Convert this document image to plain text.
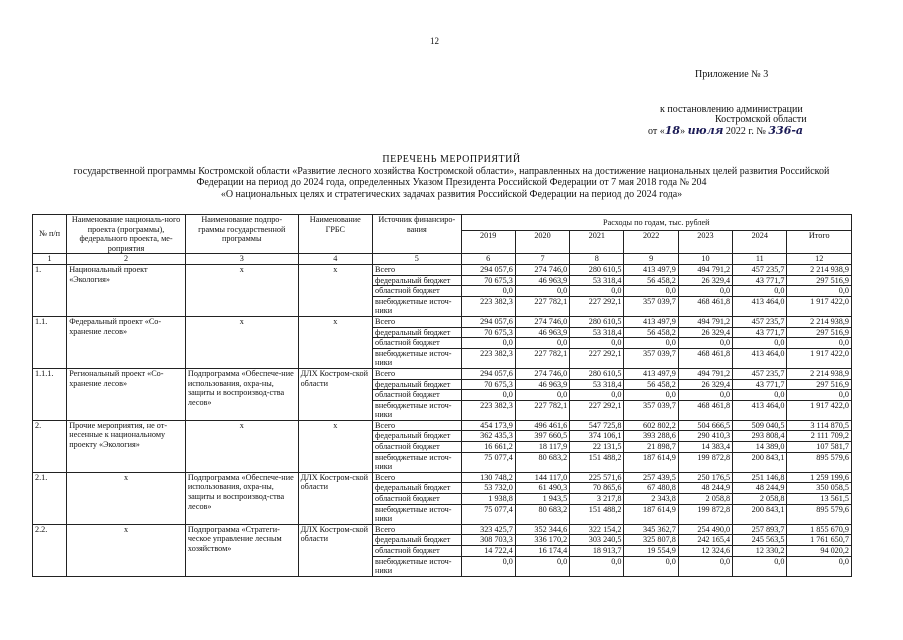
12
Приложение № 3
к постановлению администрации
Костромской области
от «18» июля 2022 г. № 336-а
ПЕРЕЧЕНЬ МЕРОПРИЯТИЙ
государственной программы Костромской области «Развитие лесного хозяйства Костромской области», направленных на достижение национальных целей развития Российской
Федерации на период до 2024 года, определенных Указом Президента Российской Федерации от 7 мая 2018 года № 204
«О национальных целях и стратегических задачах развития Российской Федерации на период до 2024 года»
№ п/п	Наименование националь-ного проекта (программы), федерального проекта, ме-роприятия	Наименование подпро-граммы государственной программы	Наименование ГРБС	Источник финансиро-вания	Расходы по годам, тыс. рублей						
					2019	2020	2021	2022	2023	2024	Итого
1	2	3	4	5	6	7	8	9	10	11	12
1.	Национальный проект «Экология»	х	х	Всего	294 057,6	274 746,0	280 610,5	413 497,9	494 791,2	457 235,7	2 214 938,9
				федеральный бюджет	70 675,3	46 963,9	53 318,4	56 458,2	26 329,4	43 771,7	297 516,9
				областной бюджет	0,0	0,0	0,0	0,0	0,0	0,0	0,0
				внебюджетные источ-ники	223 382,3	227 782,1	227 292,1	357 039,7	468 461,8	413 464,0	1 917 422,0
1.1.	Федеральный проект «Со-хранение лесов»	х	х	Всего	294 057,6	274 746,0	280 610,5	413 497,9	494 791,2	457 235,7	2 214 938,9
				федеральный бюджет	70 675,3	46 963,9	53 318,4	56 458,2	26 329,4	43 771,7	297 516,9
				областной бюджет	0,0	0,0	0,0	0,0	0,0	0,0	0,0
				внебюджетные источ-ники	223 382,3	227 782,1	227 292,1	357 039,7	468 461,8	413 464,0	1 917 422,0
1.1.1.	Региональный проект «Со-хранение лесов»	Подпрограмма «Обеспече-ние использования, охра-ны, защиты и воспроизвод-ства лесов»	ДЛХ Костром-ской области	Всего	294 057,6	274 746,0	280 610,5	413 497,9	494 791,2	457 235,7	2 214 938,9
				федеральный бюджет	70 675,3	46 963,9	53 318,4	56 458,2	26 329,4	43 771,7	297 516,9
				областной бюджет	0,0	0,0	0,0	0,0	0,0	0,0	0,0
				внебюджетные источ-ники	223 382,3	227 782,1	227 292,1	357 039,7	468 461,8	413 464,0	1 917 422,0
2.	Прочие мероприятия, не от-несенные к национальному проекту «Экология»	х	х	Всего	454 173,9	496 461,6	547 725,8	602 802,2	504 666,5	509 040,5	3 114 870,5
				федеральный бюджет	362 435,3	397 660,5	374 106,1	393 288,6	290 410,3	293 808,4	2 111 709,2
				областной бюджет	16 661,2	18 117,9	22 131,5	21 898,7	14 383,4	14 389,0	107 581,7
				внебюджетные источ-ники	75 077,4	80 683,2	151 488,2	187 614,9	199 872,8	200 843,1	895 579,6
2.1.	х	Подпрограмма «Обеспече-ние использования, охра-ны, защиты и воспроизвод-ства лесов»	ДЛХ Костром-ской области	Всего	130 748,2	144 117,0	225 571,6	257 439,5	250 176,5	251 146,8	1 259 199,6
				федеральный бюджет	53 732,0	61 490,3	70 865,6	67 480,8	48 244,9	48 244,9	350 058,5
				областной бюджет	1 938,8	1 943,5	3 217,8	2 343,8	2 058,8	2 058,8	13 561,5
				внебюджетные источ-ники	75 077,4	80 683,2	151 488,2	187 614,9	199 872,8	200 843,1	895 579,6
2.2.	х	Подпрограмма «Стратеги-ческое управление лесным хозяйством»	ДЛХ Костром-ской области	Всего	323 425,7	352 344,6	322 154,2	345 362,7	254 490,0	257 893,7	1 855 670,9
				федеральный бюджет	308 703,3	336 170,2	303 240,5	325 807,8	242 165,4	245 563,5	1 761 650,7
				областной бюджет	14 722,4	16 174,4	18 913,7	19 554,9	12 324,6	12 330,2	94 020,2
				внебюджетные источ-ники	0,0	0,0	0,0	0,0	0,0	0,0	0,0
